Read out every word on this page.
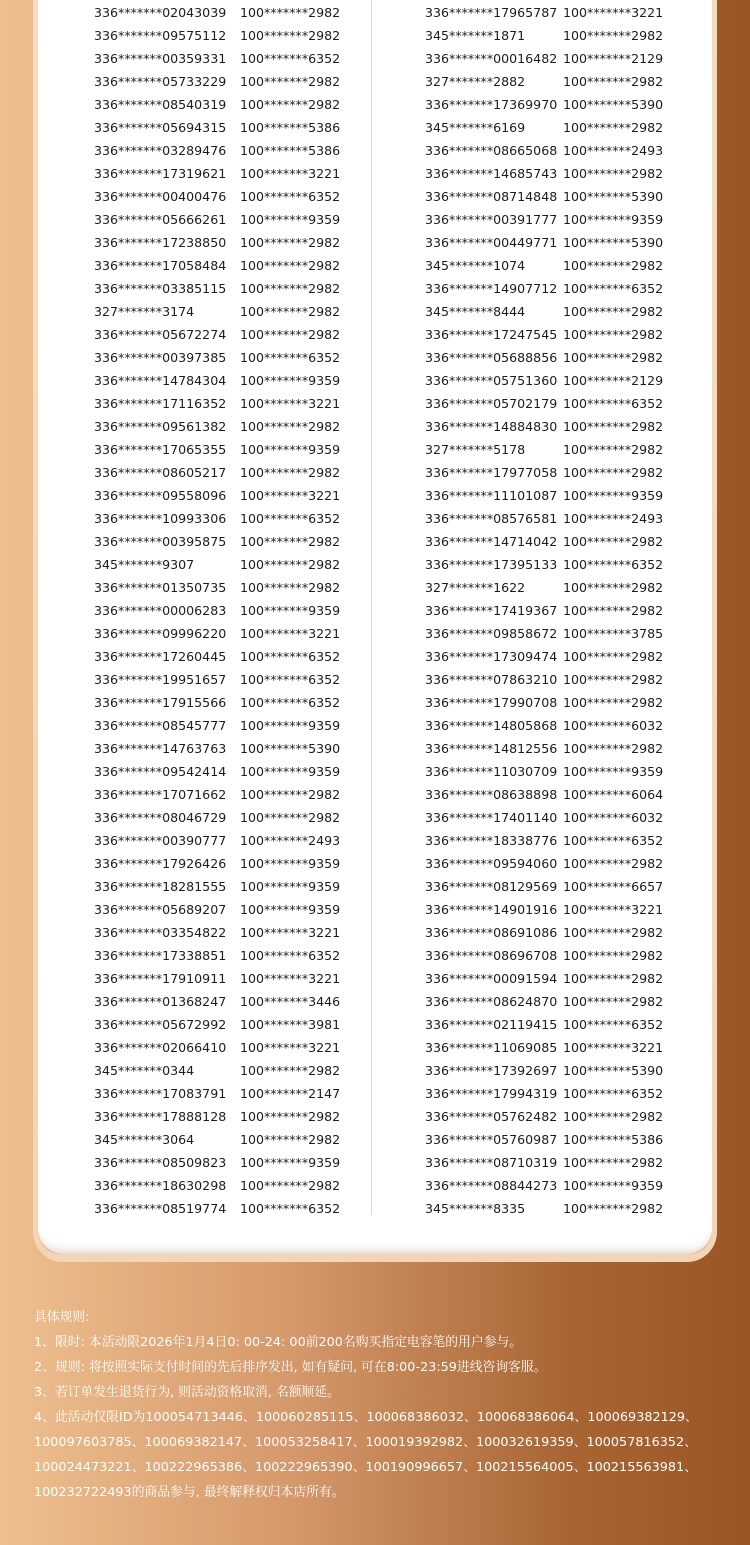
336*******02043039	100*******2982
336*******09575112	100*******2982
336*******00359331	100*******6352
336*******05733229	100*******2982
336*******08540319	100*******2982
336*******05694315	100*******5386
336*******03289476	100*******5386
336*******17319621	100*******3221
336*******00400476	100*******6352
336*******05666261	100*******9359
336*******17238850	100*******2982
336*******17058484	100*******2982
336*******03385115	100*******2982
327*******3174	100*******2982
336*******05672274	100*******2982
336*******00397385	100*******6352
336*******14784304	100*******9359
336*******17116352	100*******3221
336*******09561382	100*******2982
336*******17065355	100*******9359
336*******08605217	100*******2982
336*******09558096	100*******3221
336*******10993306	100*******6352
336*******00395875	100*******2982
345*******9307	100*******2982
336*******01350735	100*******2982
336*******00006283	100*******9359
336*******09996220	100*******3221
336*******17260445	100*******6352
336*******19951657	100*******6352
336*******17915566	100*******6352
336*******08545777	100*******9359
336*******14763763	100*******5390
336*******09542414	100*******9359
336*******17071662	100*******2982
336*******08046729	100*******2982
336*******00390777	100*******2493
336*******17926426	100*******9359
336*******18281555	100*******9359
336*******05689207	100*******9359
336*******03354822	100*******3221
336*******17338851	100*******6352
336*******17910911	100*******3221
336*******01368247	100*******3446
336*******05672992	100*******3981
336*******02066410	100*******3221
345*******0344	100*******2982
336*******17083791	100*******2147
336*******17888128	100*******2982
345*******3064	100*******2982
336*******08509823	100*******9359
336*******18630298	100*******2982
336*******08519774	100*******6352
336*******17965787 100*******3221
345*******1871	100*******2982
336*******00016482 100*******2129
327*******2882	100*******2982
336*******17369970 100*******5390
345*******6169	100*******2982
336*******08665068 100*******2493
336*******14685743 100*******2982
336*******08714848 100*******5390
336*******00391777 100*******9359
336*******00449771 100*******5390
345*******1074	100*******2982
336*******14907712 100*******6352
345*******8444	100*******2982
336*******17247545 100*******2982
336*******05688856 100*******2982
336*******05751360 100*******2129
336*******05702179 100*******6352
336*******14884830 100*******2982
327*******5178	100*******2982
336*******17977058 100*******2982
336*******11101087 100*******9359
336*******08576581 100*******2493
336*******14714042 100*******2982
336*******17395133 100*******6352
327*******1622	100*******2982
336*******17419367 100*******2982
336*******09858672 100*******3785
336*******17309474 100*******2982
336*******07863210 100*******2982
336*******17990708 100*******2982
336*******14805868 100*******6032
336*******14812556 100*******2982
336*******11030709 100*******9359
336*******08638898 100*******6064
336*******17401140 100*******6032
336*******18338776 100*******6352
336*******09594060 100*******2982
336*******08129569 100*******6657
336*******14901916 100*******3221
336*******08691086 100*******2982
336*******08696708 100*******2982
336*******00091594 100*******2982
336*******08624870 100*******2982
336*******02119415 100*******6352
336*******11069085 100*******3221
336*******17392697 100*******5390
336*******17994319 100*******6352
336*******05762482 100*******2982
336*******05760987 100*******5386
336*******08710319 100*******2982
336*******08844273 100*******9359
345*******8335	100*******2982

具体规则:

1、限时: 本活动限2026年1月4日0: 00-24: 00前200名购买指定电容笔的用户参与。

2、规则: 将按照实际支付时间的先后排序发出, 如有疑问, 可在8:00-23:59进线咨询客服。

3、若订单发生退货行为, 则活动资格取消, 名额顺延。

4、此活动仅限ID为100054713446、100060285115、100068386032、100068386064、100069382129、

100097603785、100069382147、100053258417、100019392982、100032619359、100057816352、

100024473221、100222965386、100222965390、100190996657、100215564005、100215563981、

100232722493的商品参与, 最终解释权归本店所有。
